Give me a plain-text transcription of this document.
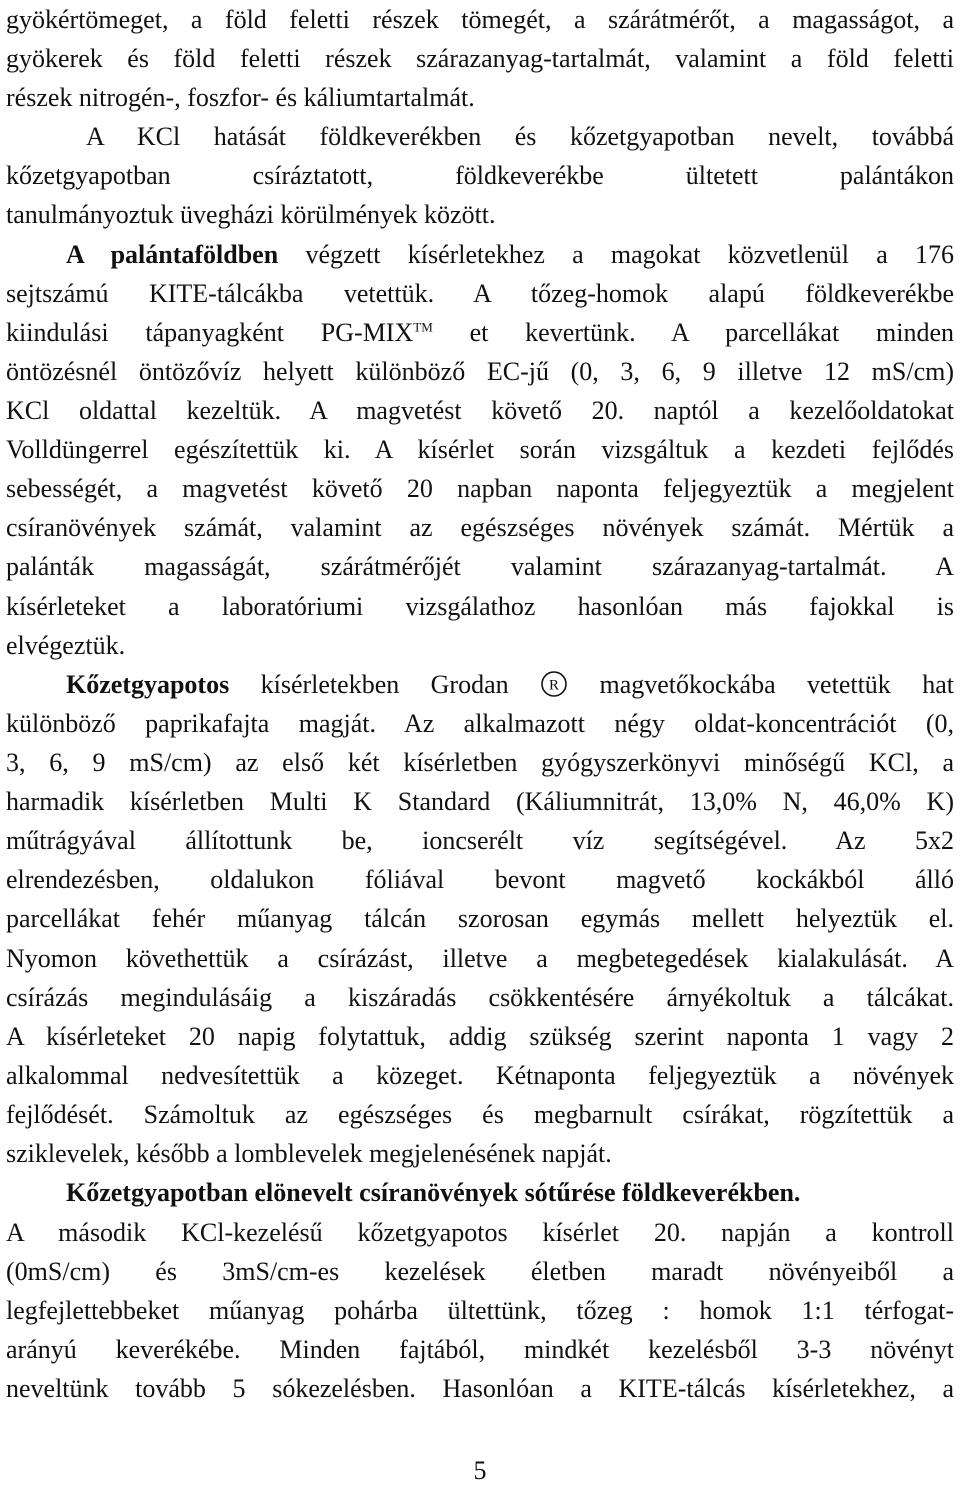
gyökértömeget, a föld feletti részek tömegét, a szárátmérőt, a magasságot, a
gyökerek és föld feletti részek szárazanyag-tartalmát, valamint a föld feletti
részek nitrogén-, foszfor- és káliumtartalmát.
A KCl hatását földkeverékben és kőzetgyapotban nevelt, továbbá
kőzetgyapotban csíráztatott, földkeverékbe ültetett palántákon
tanulmányoztuk üvegházi körülmények között.
A palántaföldben végzett kísérletekhez a magokat közvetlenül a 176
sejtszámú KITE-tálcákba vetettük. A tőzeg-homok alapú földkeverékbe
kiindulási tápanyagként PG-MIX™ et kevertünk. A parcellákat minden
öntözésnél öntözővíz helyett különböző EC-jű (0, 3, 6, 9 illetve 12 mS/cm)
KCl oldattal kezeltük. A magvetést követő 20. naptól a kezelőoldatokat
Volldüngerrel egészítettük ki. A kísérlet során vizsgáltuk a kezdeti fejlődés
sebességét, a magvetést követő 20 napban naponta feljegyeztük a megjelent
csíranövények számát, valamint az egészséges növények számát. Mértük a
palánták magasságát, szárátmérőjét valamint szárazanyag-tartalmát. A
kísérleteket a laboratóriumi vizsgálathoz hasonlóan más fajokkal is
elvégeztük.
Kőzetgyapotos kísérletekben Grodan	R magvetőkockába vetettük hat
különböző paprikafajta magját. Az alkalmazott négy oldat-koncentrációt (0,
3, 6, 9 mS/cm) az első két kísérletben gyógyszerkönyvi minőségű KCl, a
harmadik kísérletben Multi K Standard (Káliumnitrát, 13,0% N, 46,0% K)
műtrágyával állítottunk be, ioncserélt víz segítségével. Az 5x2
elrendezésben, oldalukon fóliával bevont magvető kockákból álló
parcellákat fehér műanyag tálcán szorosan egymás mellett helyeztük el.
Nyomon követhettük a csírázást, illetve a megbetegedések kialakulását. A
csírázás megindulásáig a kiszáradás csökkentésére árnyékoltuk a tálcákat.
A kísérleteket 20 napig folytattuk, addig szükség szerint naponta 1 vagy 2
alkalommal nedvesítettük a közeget. Kétnaponta feljegyeztük a növények
fejlődését. Számoltuk az egészséges és megbarnult csírákat, rögzítettük a
sziklevelek, később a lomblevelek megjelenésének napját.
Kőzetgyapotban elönevelt csíranövények sótűrése földkeverékben.
A második KCl-kezelésű kőzetgyapotos kísérlet 20. napján a kontroll
(0mS/cm) és 3mS/cm-es kezelések életben maradt növényeiből a
legfejlettebbeket műanyag pohárba ültettünk, tőzeg : homok 1:1 térfogat-
arányú keverékébe. Minden fajtából, mindkét kezelésből 3-3 növényt
neveltünk tovább 5 sókezelésben. Hasonlóan a KITE-tálcás kísérletekhez, a
5
